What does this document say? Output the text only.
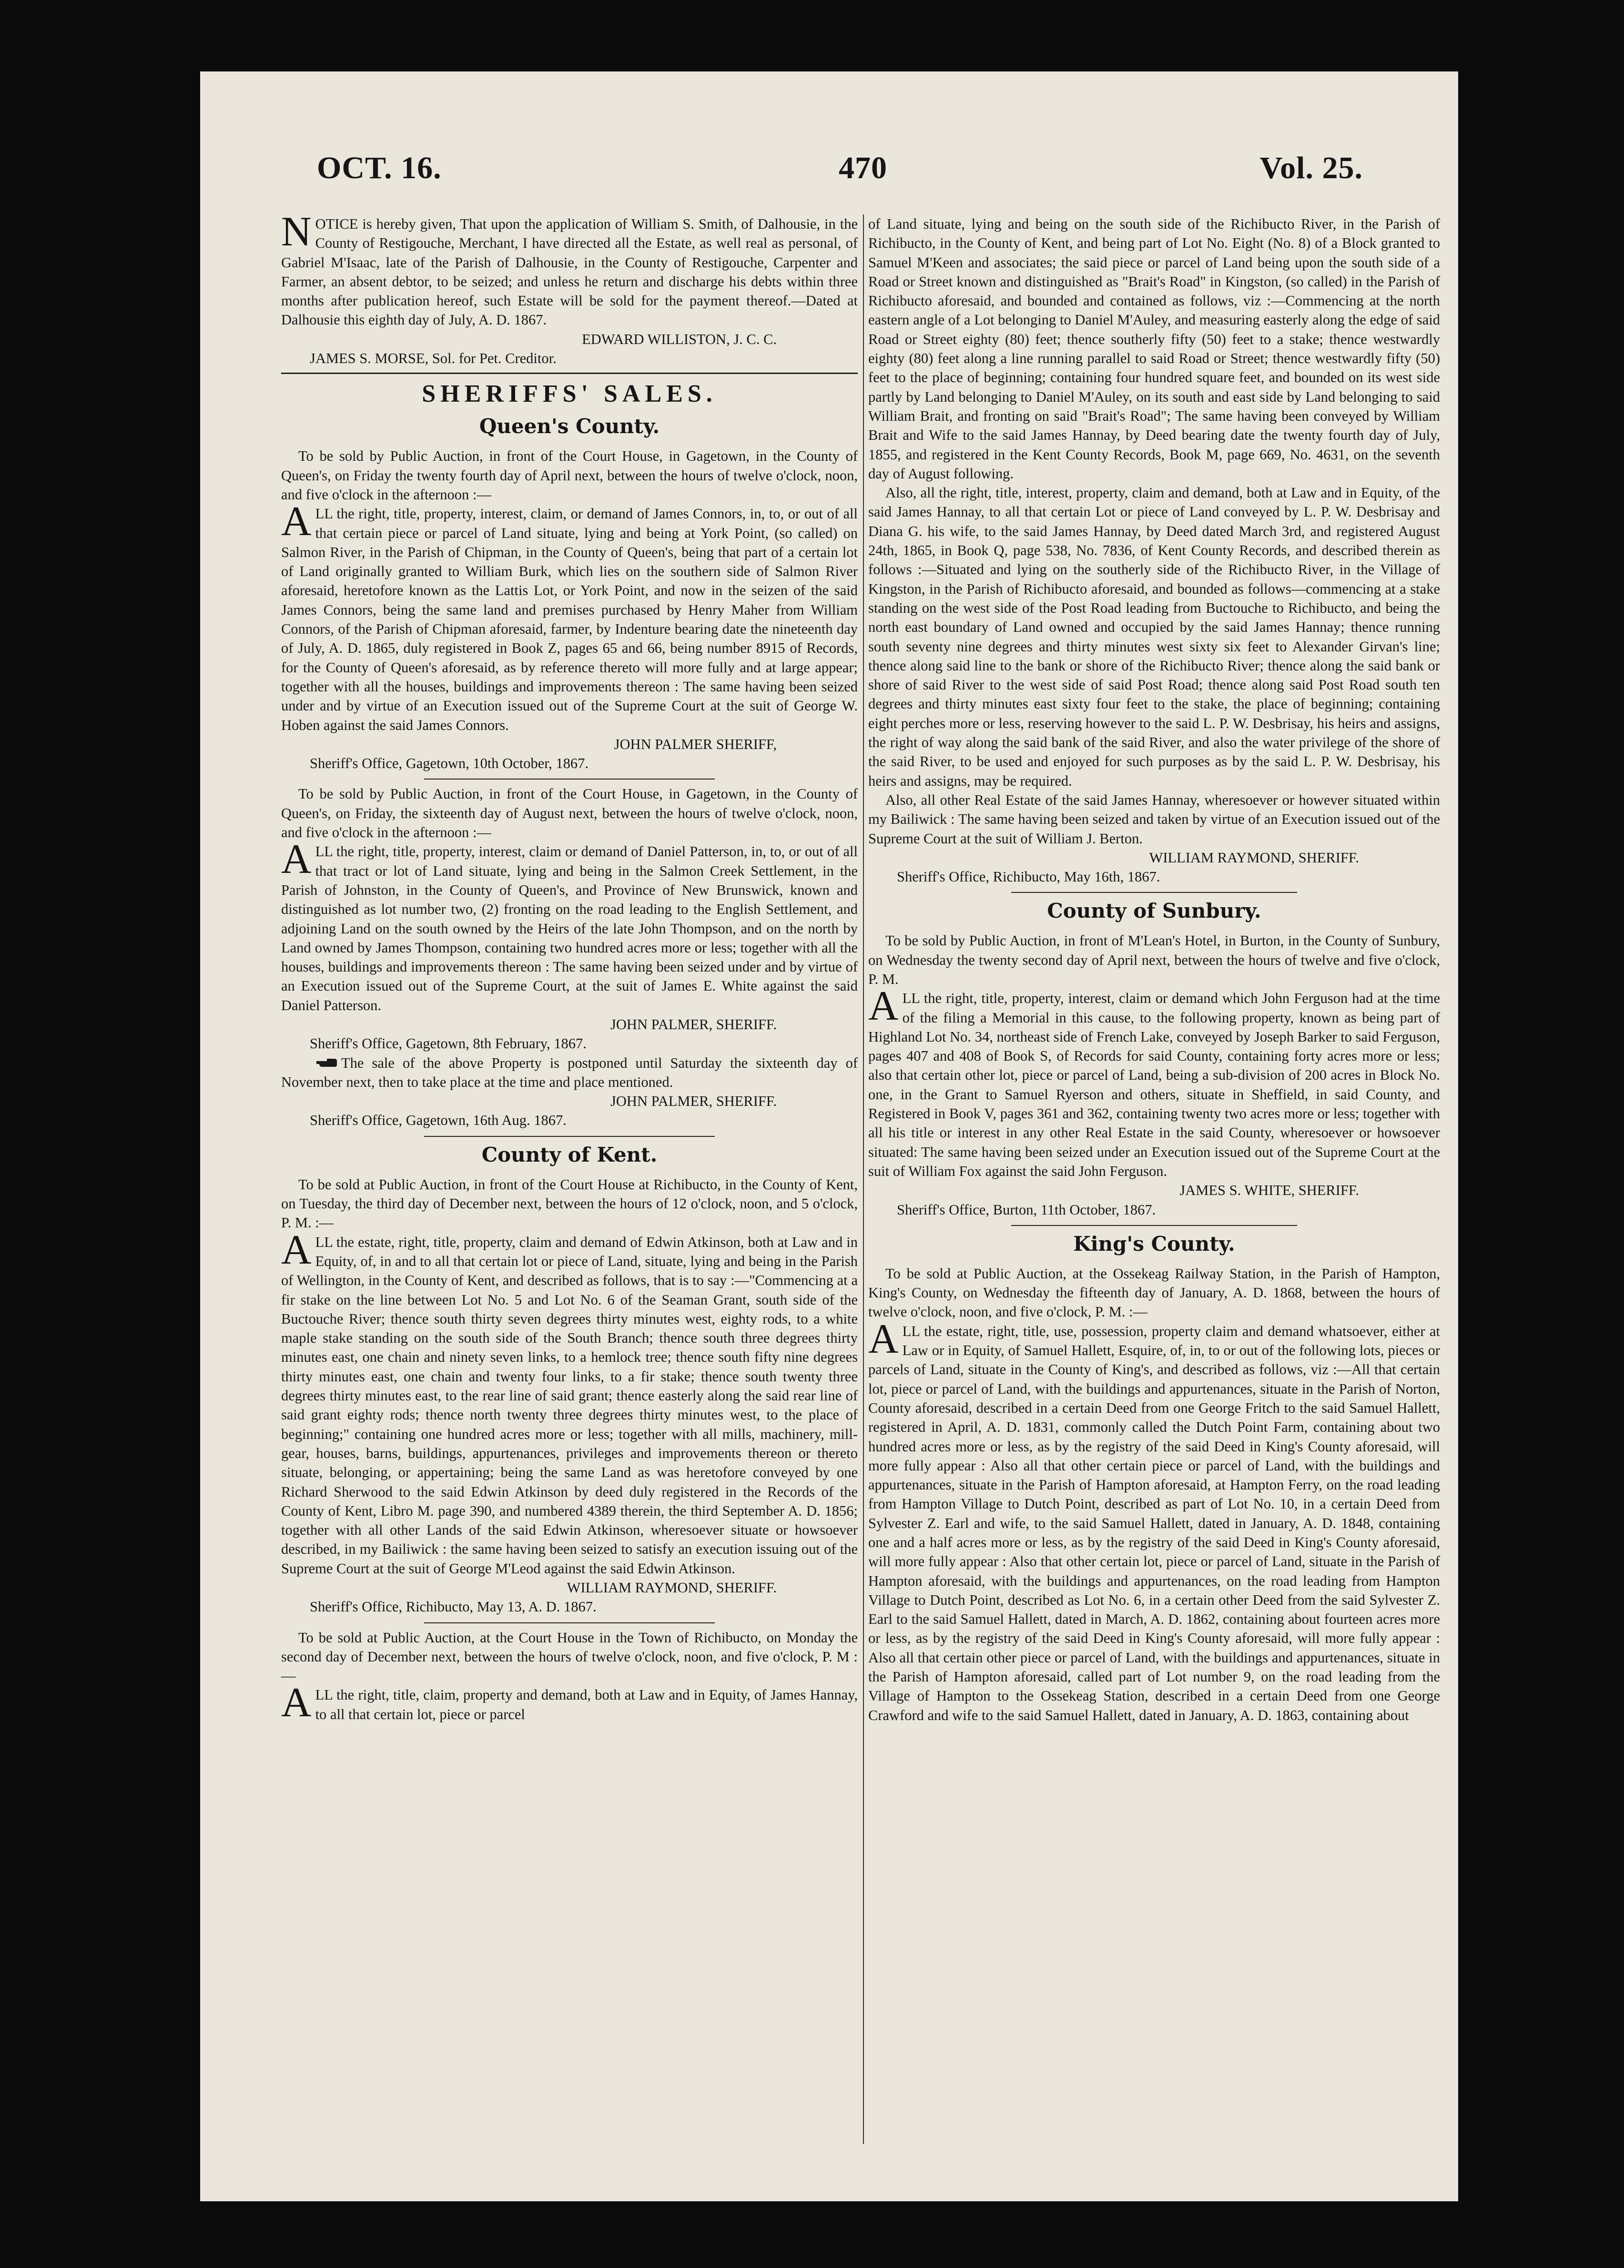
OCT. 16.	470	Vol. 25.

NOTICE is hereby given, That upon the application of William S. Smith, of Dalhousie, in the County of Restigouche, Merchant, I have directed all the Estate, as well real as personal, of Gabriel M'Isaac, late of the Parish of Dalhousie, in the County of Restigouche, Carpenter and Farmer, an absent debtor, to be seized; and unless he return and discharge his debts within three months after publication hereof, such Estate will be sold for the payment thereof.—Dated at Dalhousie this eighth day of July, A. D. 1867.

EDWARD WILLISTON, J. C. C.

JAMES S. MORSE, Sol. for Pet. Creditor.

SHERIFFS' SALES.
Queen's County.

To be sold by Public Auction, in front of the Court House, in Gagetown, in the County of Queen's, on Friday the twenty fourth day of April next, between the hours of twelve o'clock, noon, and five o'clock in the afternoon :—

ALL the right, title, property, interest, claim, or demand of James Connors, in, to, or out of all that certain piece or parcel of Land situate, lying and being at York Point, (so called) on Salmon River, in the Parish of Chipman, in the County of Queen's, being that part of a certain lot of Land originally granted to William Burk, which lies on the southern side of Salmon River aforesaid, heretofore known as the Lattis Lot, or York Point, and now in the seizen of the said James Connors, being the same land and premises purchased by Henry Maher from William Connors, of the Parish of Chipman aforesaid, farmer, by Indenture bearing date the nineteenth day of July, A. D. 1865, duly registered in Book Z, pages 65 and 66, being number 8915 of Records, for the County of Queen's aforesaid, as by reference thereto will more fully and at large appear; together with all the houses, buildings and improvements thereon : The same having been seized under and by virtue of an Execution issued out of the Supreme Court at the suit of George W. Hoben against the said James Connors.

JOHN PALMER SHERIFF,

Sheriff's Office, Gagetown, 10th October, 1867.

To be sold by Public Auction, in front of the Court House, in Gagetown, in the County of Queen's, on Friday, the sixteenth day of August next, between the hours of twelve o'clock, noon, and five o'clock in the afternoon :—

ALL the right, title, property, interest, claim or demand of Daniel Patterson, in, to, or out of all that tract or lot of Land situate, lying and being in the Salmon Creek Settlement, in the Parish of Johnston, in the County of Queen's, and Province of New Brunswick, known and distinguished as lot number two, (2) fronting on the road leading to the English Settlement, and adjoining Land on the south owned by the Heirs of the late John Thompson, and on the north by Land owned by James Thompson, containing two hundred acres more or less; together with all the houses, buildings and improvements thereon : The same having been seized under and by virtue of an Execution issued out of the Supreme Court, at the suit of James E. White against the said Daniel Patterson.

JOHN PALMER, SHERIFF.

Sheriff's Office, Gagetown, 8th February, 1867.

The sale of the above Property is postponed until Saturday the sixteenth day of November next, then to take place at the time and place mentioned.

JOHN PALMER, SHERIFF.

Sheriff's Office, Gagetown, 16th Aug. 1867.

County of Kent.

To be sold at Public Auction, in front of the Court House at Richibucto, in the County of Kent, on Tuesday, the third day of December next, between the hours of 12 o'clock, noon, and 5 o'clock, P. M. :—

ALL the estate, right, title, property, claim and demand of Edwin Atkinson, both at Law and in Equity, of, in and to all that certain lot or piece of Land, situate, lying and being in the Parish of Wellington, in the County of Kent, and described as follows, that is to say :—"Commencing at a fir stake on the line between Lot No. 5 and Lot No. 6 of the Seaman Grant, south side of the Buctouche River; thence south thirty seven degrees thirty minutes west, eighty rods, to a white maple stake standing on the south side of the South Branch; thence south three degrees thirty minutes east, one chain and ninety seven links, to a hemlock tree; thence south fifty nine degrees thirty minutes east, one chain and twenty four links, to a fir stake; thence south twenty three degrees thirty minutes east, to the rear line of said grant; thence easterly along the said rear line of said grant eighty rods; thence north twenty three degrees thirty minutes west, to the place of beginning;" containing one hundred acres more or less; together with all mills, machinery, mill-gear, houses, barns, buildings, appurtenances, privileges and improvements thereon or thereto situate, belonging, or appertaining; being the same Land as was heretofore conveyed by one Richard Sherwood to the said Edwin Atkinson by deed duly registered in the Records of the County of Kent, Libro M. page 390, and numbered 4389 therein, the third September A. D. 1856; together with all other Lands of the said Edwin Atkinson, wheresoever situate or howsoever described, in my Bailiwick : the same having been seized to satisfy an execution issuing out of the Supreme Court at the suit of George M'Leod against the said Edwin Atkinson.

WILLIAM RAYMOND, SHERIFF.

Sheriff's Office, Richibucto, May 13, A. D. 1867.

To be sold at Public Auction, at the Court House in the Town of Richibucto, on Monday the second day of December next, between the hours of twelve o'clock, noon, and five o'clock, P. M :—

ALL the right, title, claim, property and demand, both at Law and in Equity, of James Hannay, to all that certain lot, piece or parcel

of Land situate, lying and being on the south side of the Richibucto River, in the Parish of Richibucto, in the County of Kent, and being part of Lot No. Eight (No. 8) of a Block granted to Samuel M'Keen and associates; the said piece or parcel of Land being upon the south side of a Road or Street known and distinguished as "Brait's Road" in Kingston, (so called) in the Parish of Richibucto aforesaid, and bounded and contained as follows, viz :—Commencing at the north eastern angle of a Lot belonging to Daniel M'Auley, and measuring easterly along the edge of said Road or Street eighty (80) feet; thence southerly fifty (50) feet to a stake; thence westwardly eighty (80) feet along a line running parallel to said Road or Street; thence westwardly fifty (50) feet to the place of beginning; containing four hundred square feet, and bounded on its west side partly by Land belonging to Daniel M'Auley, on its south and east side by Land belonging to said William Brait, and fronting on said "Brait's Road"; The same having been conveyed by William Brait and Wife to the said James Hannay, by Deed bearing date the twenty fourth day of July, 1855, and registered in the Kent County Records, Book M, page 669, No. 4631, on the seventh day of August following.

Also, all the right, title, interest, property, claim and demand, both at Law and in Equity, of the said James Hannay, to all that certain Lot or piece of Land conveyed by L. P. W. Desbrisay and Diana G. his wife, to the said James Hannay, by Deed dated March 3rd, and registered August 24th, 1865, in Book Q, page 538, No. 7836, of Kent County Records, and described therein as follows :—Situated and lying on the southerly side of the Richibucto River, in the Village of Kingston, in the Parish of Richibucto aforesaid, and bounded as follows—commencing at a stake standing on the west side of the Post Road leading from Buctouche to Richibucto, and being the north east boundary of Land owned and occupied by the said James Hannay; thence running south seventy nine degrees and thirty minutes west sixty six feet to Alexander Girvan's line; thence along said line to the bank or shore of the Richibucto River; thence along the said bank or shore of said River to the west side of said Post Road; thence along said Post Road south ten degrees and thirty minutes east sixty four feet to the stake, the place of beginning; containing eight perches more or less, reserving however to the said L. P. W. Desbrisay, his heirs and assigns, the right of way along the said bank of the said River, and also the water privilege of the shore of the said River, to be used and enjoyed for such purposes as by the said L. P. W. Desbrisay, his heirs and assigns, may be required.

Also, all other Real Estate of the said James Hannay, wheresoever or however situated within my Bailiwick : The same having been seized and taken by virtue of an Execution issued out of the Supreme Court at the suit of William J. Berton.

WILLIAM RAYMOND, SHERIFF.

Sheriff's Office, Richibucto, May 16th, 1867.

County of Sunbury.

To be sold by Public Auction, in front of M'Lean's Hotel, in Burton, in the County of Sunbury, on Wednesday the twenty second day of April next, between the hours of twelve and five o'clock, P. M.

ALL the right, title, property, interest, claim or demand which John Ferguson had at the time of the filing a Memorial in this cause, to the following property, known as being part of Highland Lot No. 34, northeast side of French Lake, conveyed by Joseph Barker to said Ferguson, pages 407 and 408 of Book S, of Records for said County, containing forty acres more or less; also that certain other lot, piece or parcel of Land, being a sub-division of 200 acres in Block No. one, in the Grant to Samuel Ryerson and others, situate in Sheffield, in said County, and Registered in Book V, pages 361 and 362, containing twenty two acres more or less; together with all his title or interest in any other Real Estate in the said County, wheresoever or howsoever situated: The same having been seized under an Execution issued out of the Supreme Court at the suit of William Fox against the said John Ferguson.

JAMES S. WHITE, SHERIFF.

Sheriff's Office, Burton, 11th October, 1867.

King's County.

To be sold at Public Auction, at the Ossekeag Railway Station, in the Parish of Hampton, King's County, on Wednesday the fifteenth day of January, A. D. 1868, between the hours of twelve o'clock, noon, and five o'clock, P. M. :—

ALL the estate, right, title, use, possession, property claim and demand whatsoever, either at Law or in Equity, of Samuel Hallett, Esquire, of, in, to or out of the following lots, pieces or parcels of Land, situate in the County of King's, and described as follows, viz :—All that certain lot, piece or parcel of Land, with the buildings and appurtenances, situate in the Parish of Norton, County aforesaid, described in a certain Deed from one George Fritch to the said Samuel Hallett, registered in April, A. D. 1831, commonly called the Dutch Point Farm, containing about two hundred acres more or less, as by the registry of the said Deed in King's County aforesaid, will more fully appear : Also all that other certain piece or parcel of Land, with the buildings and appurtenances, situate in the Parish of Hampton aforesaid, at Hampton Ferry, on the road leading from Hampton Village to Dutch Point, described as part of Lot No. 10, in a certain Deed from Sylvester Z. Earl and wife, to the said Samuel Hallett, dated in January, A. D. 1848, containing one and a half acres more or less, as by the registry of the said Deed in King's County aforesaid, will more fully appear : Also that other certain lot, piece or parcel of Land, situate in the Parish of Hampton aforesaid, with the buildings and appurtenances, on the road leading from Hampton Village to Dutch Point, described as Lot No. 6, in a certain other Deed from the said Sylvester Z. Earl to the said Samuel Hallett, dated in March, A. D. 1862, containing about fourteen acres more or less, as by the registry of the said Deed in King's County aforesaid, will more fully appear : Also all that certain other piece or parcel of Land, with the buildings and appurtenances, situate in the Parish of Hampton aforesaid, called part of Lot number 9, on the road leading from the Village of Hampton to the Ossekeag Station, described in a certain Deed from one George Crawford and wife to the said Samuel Hallett, dated in January, A. D. 1863, containing about
